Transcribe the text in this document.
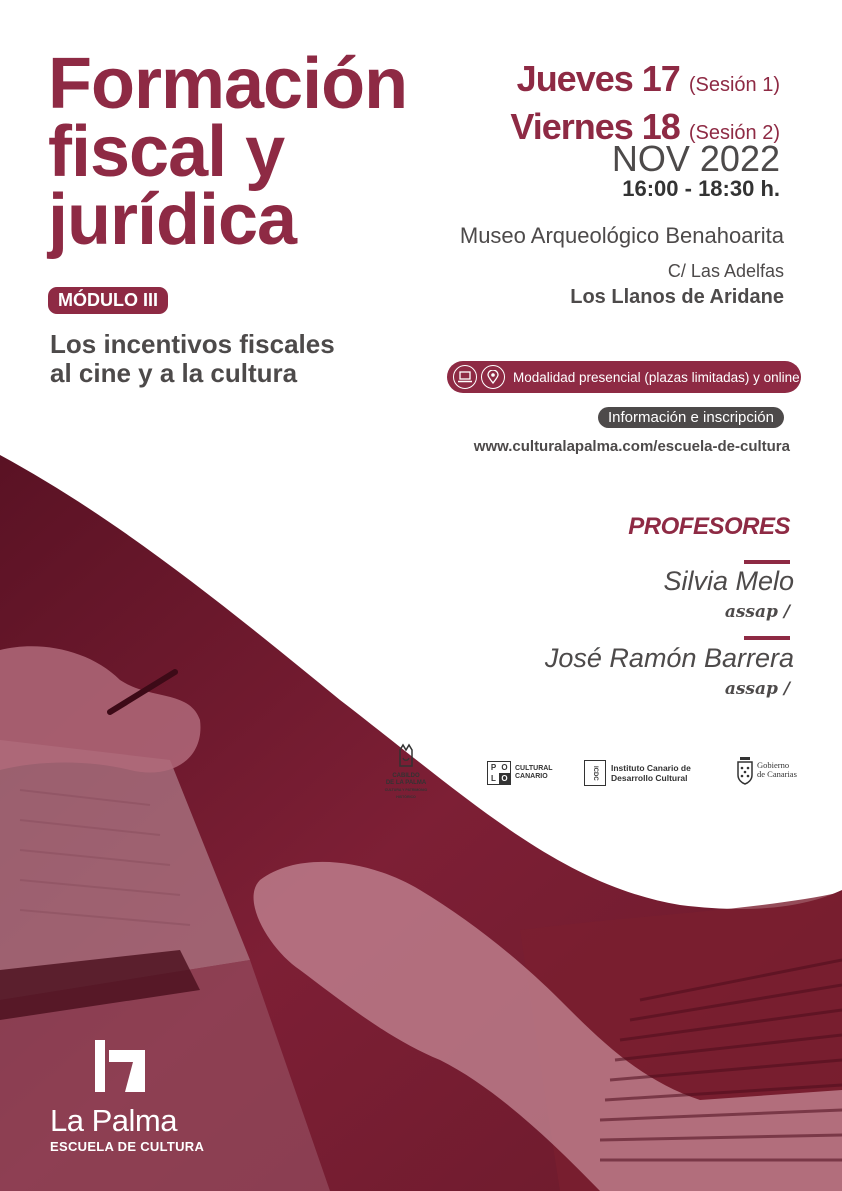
Formación
fiscal y
jurídica
MÓDULO III
Los incentivos fiscales
al cine y a la cultura
Jueves 17 (Sesión 1)
Viernes 18 (Sesión 2)
NOV 2022
16:00 - 18:30 h.
Museo Arqueológico Benahoarita
C/ Las Adelfas
Los Llanos de Aridane
Modalidad presencial (plazas limitadas) y online
Información e inscripción
www.culturalapalma.com/escuela-de-cultura
PROFESORES
Silvia Melo
assap /
José Ramón Barrera
assap /
CABILDO
DE LA PALMA
CULTURA Y PATRIMONIO HISTÓRICO
P O
L O
CULTURAL
CANARIO	ICDC	Instituto Canario de
Desarrollo Cultural
Gobierno
de Canarias
La Palma
ESCUELA DE CULTURA
